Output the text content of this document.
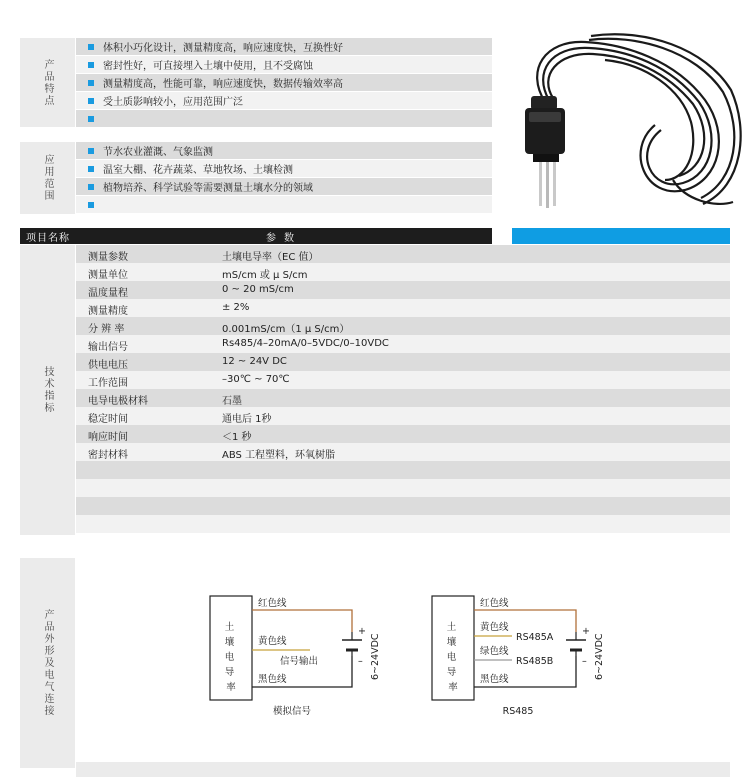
产品特点
体积小巧化设计，测量精度高，响应速度快，互换性好
密封性好，可直接埋入土壤中使用，且不受腐蚀
测量精度高，性能可靠，响应速度快，数据传输效率高
受土质影响较小，应用范围广泛
应用范围
节水农业灌溉、气象监测
温室大棚、花卉蔬菜、草地牧场、土壤检测
植物培养、科学试验等需要测量土壤水分的领域
项目名称	参数
技术指标
测量参数	土壤电导率（EC 值）
测量单位	mS/cm 或 μ S/cm
温度量程	0 ~ 20 mS/cm
测量精度	± 2%
分 辨 率	0.001mS/cm（1 μ S/cm）
输出信号	Rs485/4–20mA/0–5VDC/0–10VDC
供电电压	12 ~ 24V DC
工作范围	–30℃ ~ 70℃
电导电极材料	石墨
稳定时间	通电后 1秒
响应时间	＜1 秒
密封材料	ABS 工程塑料，环氧树脂
产品外形及电气连接	土 壤 电 导 率
红色线
黄色线
信号输出
黑色线
+
– 6~24VDC
模拟信号
土 壤 电 导 率
红色线
黄色线
RS485A
绿色线
RS485B
黑色线
+
– 6~24VDC
RS485
